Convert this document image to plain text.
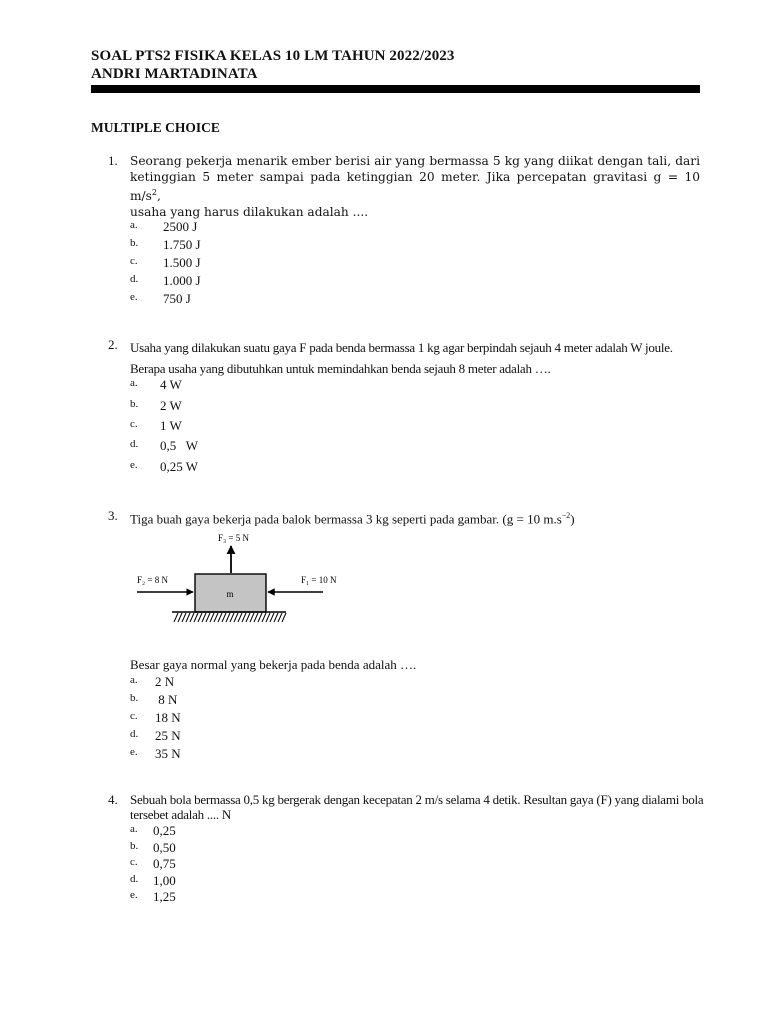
SOAL PTS2 FISIKA KELAS 10 LM TAHUN 2022/2023
ANDRI MARTADINATA
MULTIPLE CHOICE
1. Seorang pekerja menarik ember berisi air yang bermassa 5 kg yang diikat dengan tali, dari ketinggian 5 meter sampai pada ketinggian 20 meter. Jika percepatan gravitasi g = 10 $m/s^2$,
usaha yang harus dilakukan adalah ....
a. 2500 J
b. 1.750 J
c. 1.500 J
d. 1.000 J
e. 750 J
2. Usaha yang dilakukan suatu gaya F pada benda bermassa 1 kg agar berpindah sejauh 4 meter adalah W joule. Berapa usaha yang dibutuhkan untuk memindahkan benda sejauh 8 meter adalah ….
a. 4 W
b. 2 W
c. 1 W
d. 0,5   W
e. 0,25 W
3. Tiga buah gaya bekerja pada balok bermassa 3 kg seperti pada gambar. (g = 10 $m.s^{-2}$)
F₃ = 5 N
F₂ = 8 N	F₁ = 10 N
m
Besar gaya normal yang bekerja pada benda adalah ….
a. 2 N
b. 8 N
c. 18 N
d. 25 N
e. 35 N
4. Sebuah bola bermassa 0,5 kg bergerak dengan kecepatan 2 m/s selama 4 detik. Resultan gaya (F) yang dialami bola tersebet adalah .... N
a. 0,25
b. 0,50
c. 0,75
d. 1,00
e. 1,25
